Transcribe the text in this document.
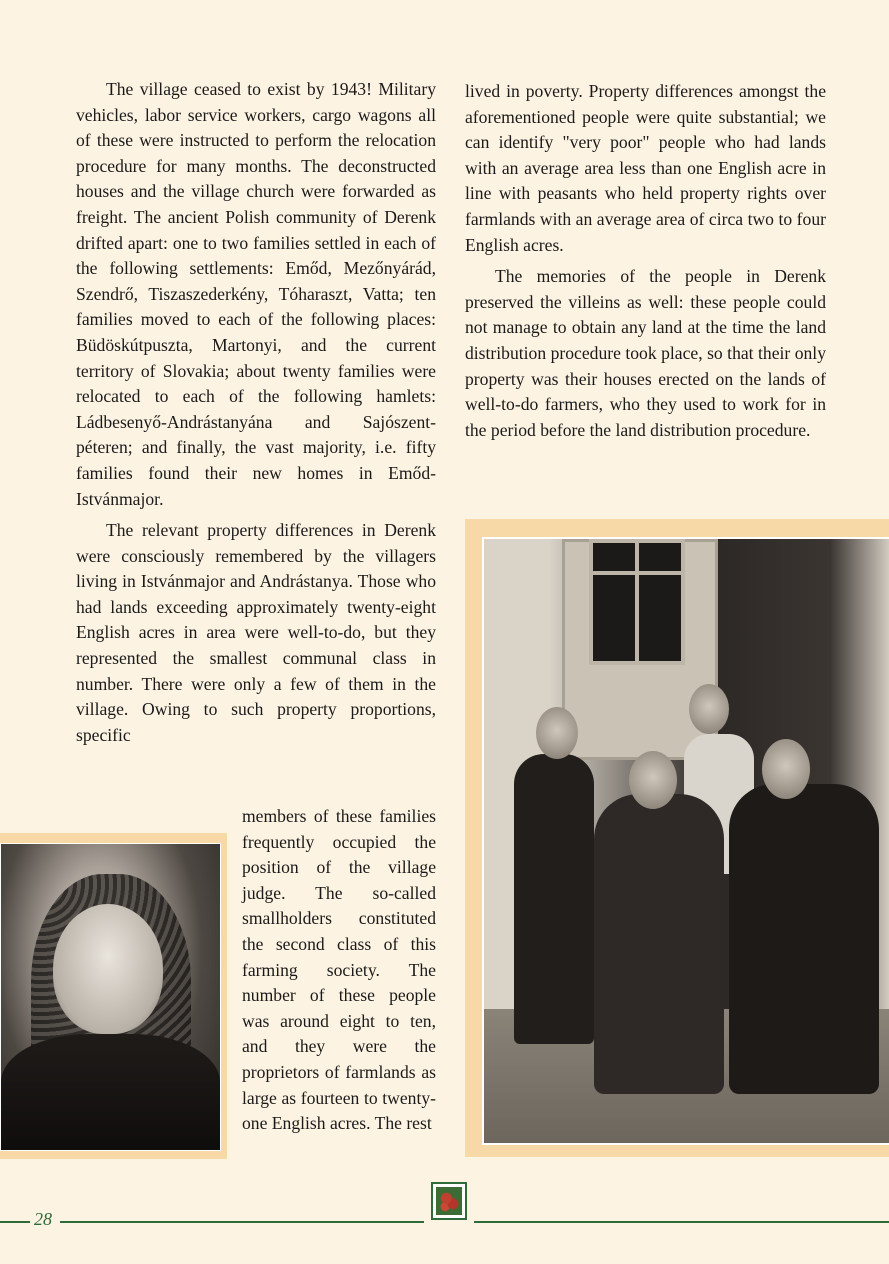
The village ceased to exist by 1943! Military vehicles, labor service workers, cargo wagons all of these were instructed to perform the relocation procedure for many months. The deconstructed houses and the village church were forwarded as freight. The ancient Polish community of Derenk drifted apart: one to two families settled in each of the following settlements: Emőd, Mezőnyárád, Szendrő, Tiszaszederkény, Tóharaszt, Vatta; ten families moved to each of the following places: Büdöskútpuszta, Martonyi, and the current territory of Slovakia; about twenty families were relocated to each of the following hamlets: Ládbesenyő-Andrástanyána and Sajószent-péteren; and finally, the vast majority, i.e. fifty families found their new homes in Emőd-Istvánmajor.

The relevant property differences in Derenk were consciously remembered by the villagers living in Istvánmajor and Andrástanya. Those who had lands exceeding approximately twenty-eight English acres in area were well-to-do, but they represented the smallest communal class in number. There were only a few of them in the village. Owing to such property proportions, specific

members of these families frequently occupied the position of the village judge. The so-called smallholders constituted the second class of this farming society. The number of these people was around eight to ten, and they were the proprietors of farmlands as large as fourteen to twenty-one English acres. The rest

lived in poverty. Property differences amongst the aforementioned people were quite substantial; we can identify "very poor" people who had lands with an average area less than one English acre in line with peasants who held property rights over farmlands with an average area of circa two to four English acres.

The memories of the people in Derenk preserved the villeins as well: these people could not manage to obtain any land at the time the land distribution procedure took place, so that their only property was their houses erected on the lands of well-to-do farmers, who they used to work for in the period before the land distribution procedure.

28
